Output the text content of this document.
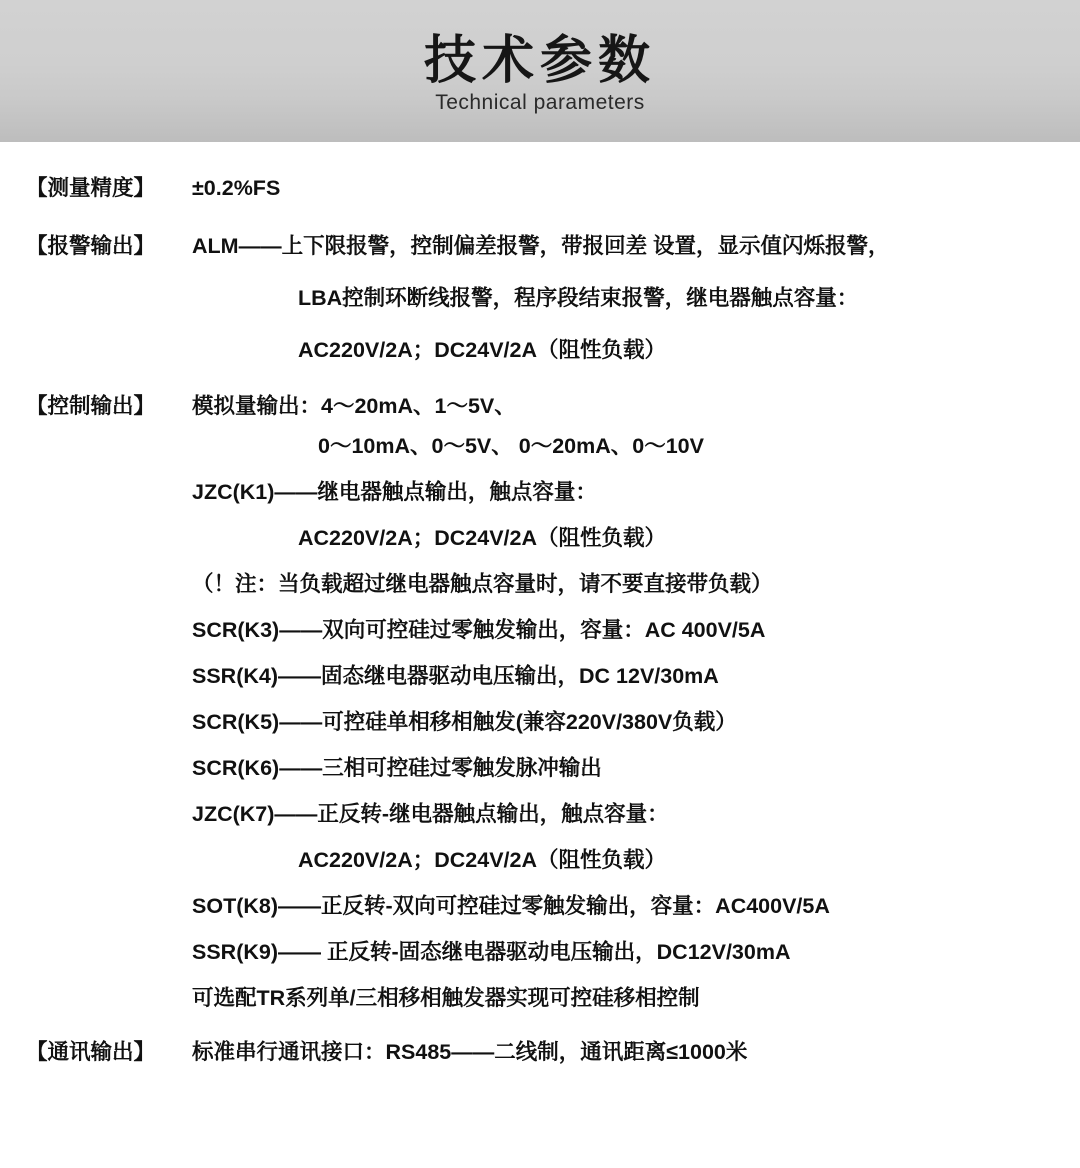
技术参数
Technical parameters
【测量精度】	±0.2%FS
【报警输出】	ALM——上下限报警，控制偏差报警，带报回差 设置，显示值闪烁报警，
LBA控制环断线报警，程序段结束报警，继电器触点容量：
AC220V/2A；DC24V/2A（阻性负载）
【控制输出】	模拟量输出：4～20mA、1～5V、
0～10mA、0～5V、 0～20mA、0～10V
JZC(K1)——继电器触点输出，触点容量：
AC220V/2A；DC24V/2A（阻性负载）
（！注：当负载超过继电器触点容量时，请不要直接带负载）
SCR(K3)——双向可控硅过零触发输出，容量：AC 400V/5A
SSR(K4)——固态继电器驱动电压输出，DC 12V/30mA
SCR(K5)——可控硅单相移相触发(兼容220V/380V负载）
SCR(K6)——三相可控硅过零触发脉冲输出
JZC(K7)——正反转-继电器触点输出，触点容量：
AC220V/2A；DC24V/2A（阻性负载）
SOT(K8)——正反转-双向可控硅过零触发输出，容量：AC400V/5A
SSR(K9)—— 正反转-固态继电器驱动电压输出，DC12V/30mA
可选配TR系列单/三相移相触发器实现可控硅移相控制
【通讯输出】	标准串行通讯接口：RS485——二线制，通讯距离≤1000米
